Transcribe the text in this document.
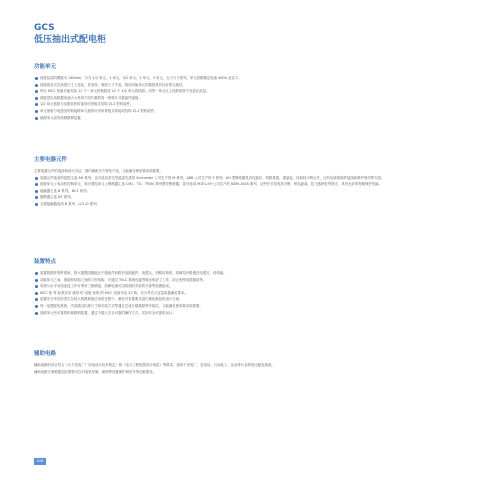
GCS
低压抽出式配电柜
功能单元
抽屉层高的模数为 160mm，分为 1/2 单元、1 单元、3/2 单元、2 单元、3 单元，五个尺寸系列，单元回路额定电流 400A 及以下。
抽屉改变仅在高度尺寸上变化，其宽度、深度尺寸不变。相同功能单元的抽屉具有良好的互换性。
每台 MCC 柜最多能安装 11 个一单元的抽屉或 22 个 1/2 单元的抽屉。同等一单元以上抽屉宽度不宜加在此层。
抽屉进出线根据电流大小采用不同片数的同一规格片式插接件接插。
1/2 单元抽屉与电缆室的转接采用背板式结构 ZJ-2 型转接件。
单元抽屉与电缆室的转接除单元抽屉可采用背板式转接或结构 ZJ-1 型转接件。
抽屉单元设有机械联锁装置。
主要电器元件

主要电器元件的选择和设计引证，国内最新多方科技产品，又能满足使用要求和需要。

电器元件选用的范围主选 AH 系列、也可选用其它性能更先进的 Schneider 公司生产的 M 系列、ABB 公司生产的 F 系列、AH 型断路器具有性能好、短路系数、重量轻、体积较小特点外，还有较高的插件接线和维护使用等方面。
抽屉单元 ( 电动机控制单元、部分馈电单元 ) 断路器主选 CM1、TG、TM30 系列塑壳断路器，部分选用 M1E1.E9 公司生产的 NZM-100A 系列，这些开关均有高分断，短电距离，较飞弧特征等特点，具有良好的短路保护性能。
接触器主选 B 系列，NC1 系列。
熔断器主选 NT 系列。
交流接触器选用 B 系列，LC1-D 系列。
装置特点
装置的插件插件系统，防火极限阻燃能比于插板件回路开放插板件、电缆头、回路结构的，故障均有路遇在电缆后，结构稳。
功能单元之间、抽屉和结构之间的门形结构，可通过 TN-C 系统连接等做出相应了工作，防止相邻电缆插故等。
母线与水平母线连接工作可采用三相联接，故障电流可由较高的安装的分部等装置组成。
MCC 柜 等 标准应用 级别 的 设施 柜的 的 MCC 设备可达 22 路，充分考虑大容量装置满足要求。
装置充分考虑的发生在较大规模系统应用的过程中，满足对布置要求进行最佳最低的设计方案。
同一电缆配电系统，内部通过标准尺寸和安装方式等通过完成分插插框等安装后，又能满足使用要求和需要。
抽屉单元有可靠的机械联锁装置，通过不插入安全可靠的操作方式，实现安全可靠的运行。
辅助电路

辅助电路的设计符合《火力发电厂厂用电设计技术规定》和《电力工程电缆设计规范》等要求，适用于发电厂、变电站、石油化工、冶金等行业的低压配电系统。

辅助电路方案根据实际需要可以对电机控制、照明等设置保护和信号等功能要求。

016
